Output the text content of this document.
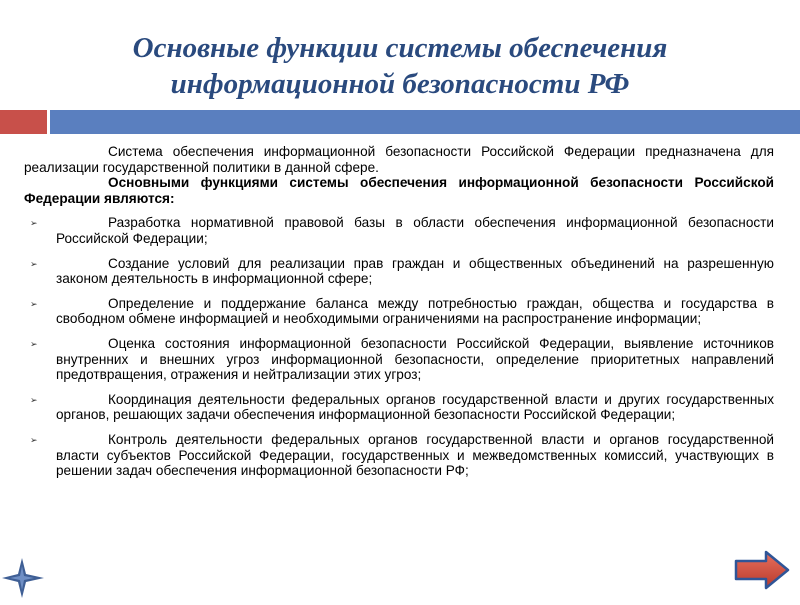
Основные функции системы обеспечения
информационной безопасности РФ

Система обеспечения информационной безопасности Российской Федерации предназначена для реализации государственной политики в данной сфере.

Основными функциями системы обеспечения информационной безопасности Российской Федерации являются:

➢	Разработка нормативной правовой базы в области обеспечения информационной безопасности Российской Федерации;
➢	Создание условий для реализации прав граждан и общественных объединений на разрешенную законом деятельность в информационной сфере;
➢	Определение и поддержание баланса между потребностью граждан, общества и государства в свободном обмене информацией и необходимыми ограничениями на распространение информации;
➢	Оценка состояния информационной безопасности Российской Федерации, выявление источников внутренних и внешних угроз информационной безопасности, определение приоритетных направлений предотвращения, отражения и нейтрализации этих угроз;
➢	Координация деятельности федеральных органов государственной власти и других государственных органов, решающих задачи обеспечения информационной безопасности Российской Федерации;
➢	Контроль деятельности федеральных органов государственной власти и органов государственной власти субъектов Российской Федерации, государственных и межведомственных комиссий, участвующих в решении задач обеспечения информационной безопасности РФ;
